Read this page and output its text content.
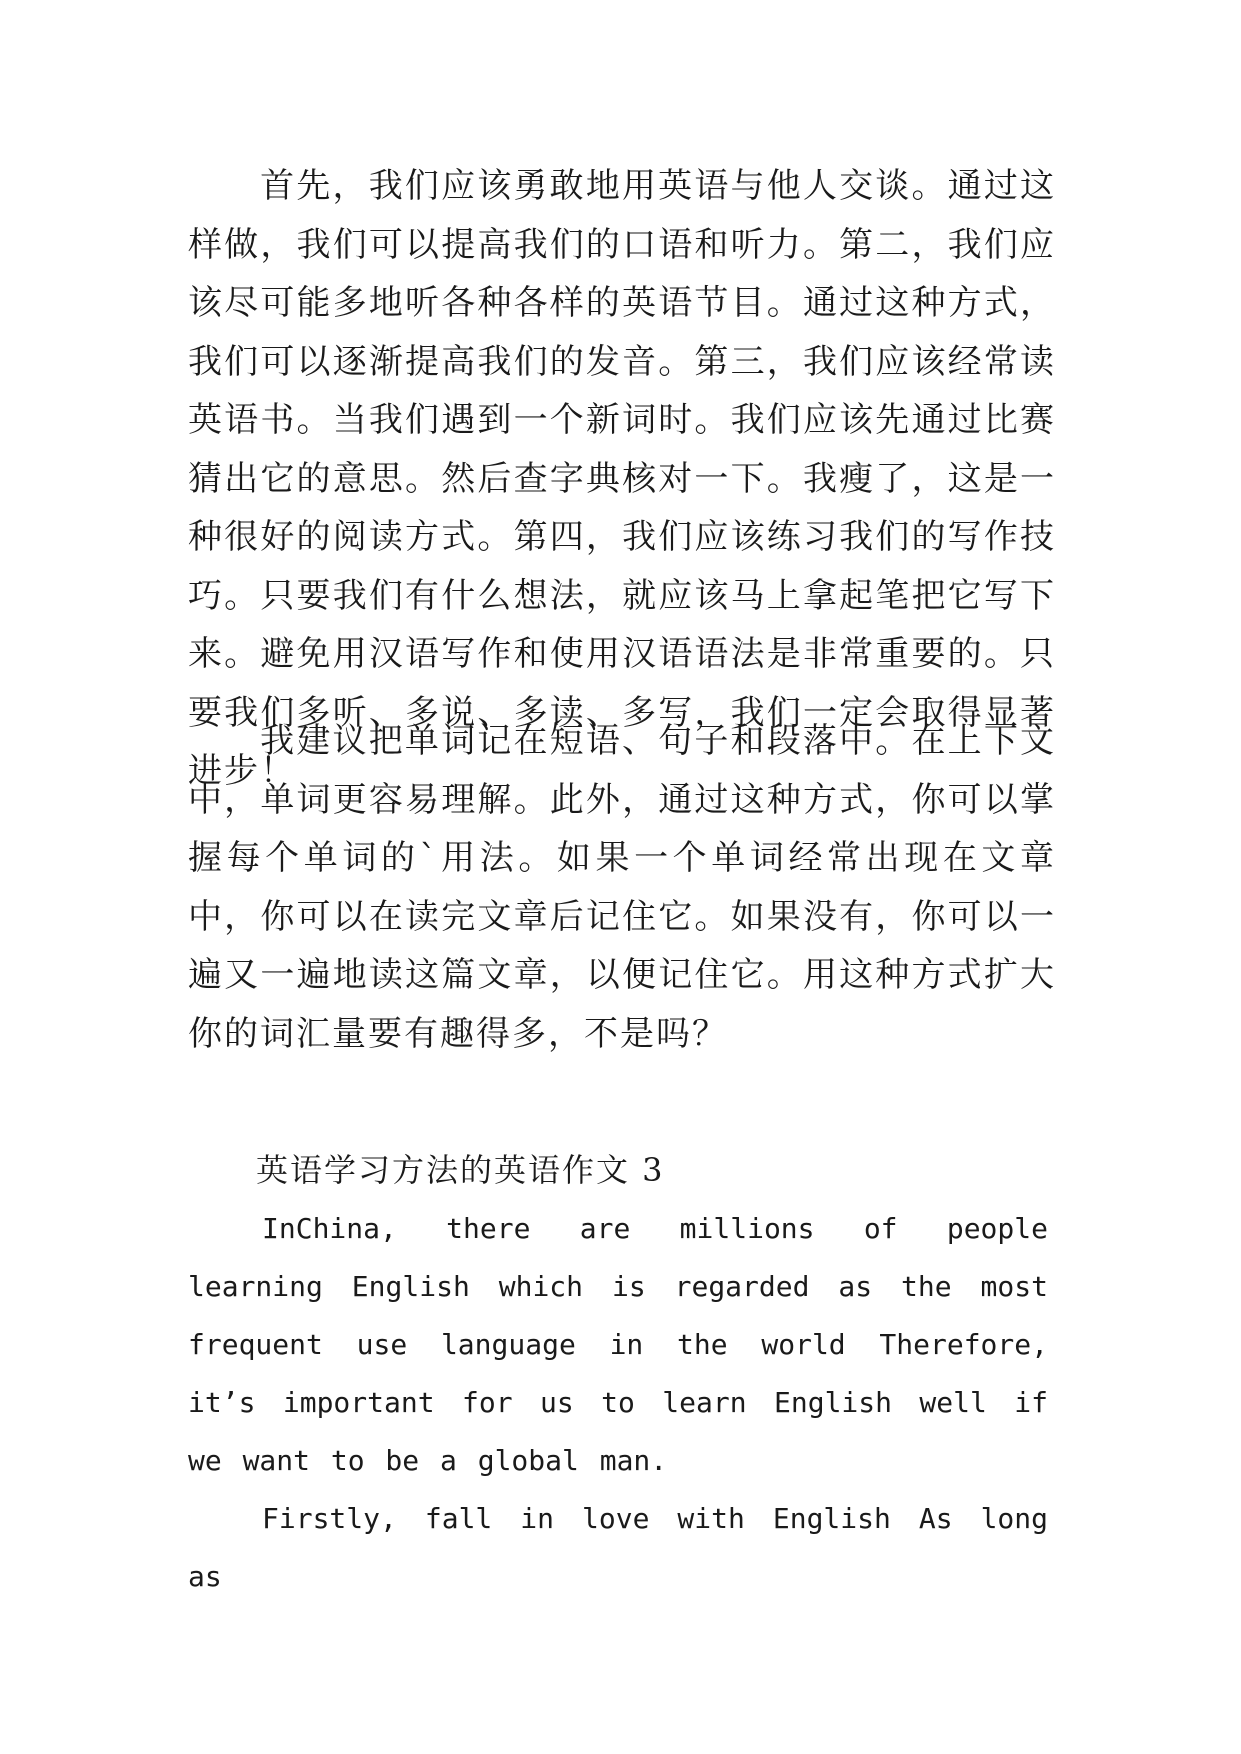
首先，我们应该勇敢地用英语与他人交谈。通过这样做，我们可以提高我们的口语和听力。第二，我们应该尽可能多地听各种各样的英语节目。通过这种方式，我们可以逐渐提高我们的发音。第三，我们应该经常读英语书。当我们遇到一个新词时。我们应该先通过比赛猜出它的意思。然后查字典核对一下。我瘦了，这是一种很好的阅读方式。第四，我们应该练习我们的写作技巧。只要我们有什么想法，就应该马上拿起笔把它写下来。避免用汉语写作和使用汉语语法是非常重要的。只要我们多听、多说、多读、多写，我们一定会取得显著进步！

我建议把单词记在短语、句子和段落中。在上下文中，单词更容易理解。此外，通过这种方式，你可以掌握每个单词的`用法。如果一个单词经常出现在文章中，你可以在读完文章后记住它。如果没有，你可以一遍又一遍地读这篇文章，以便记住它。用这种方式扩大你的词汇量要有趣得多，不是吗？

英语学习方法的英语作文 3

InChina, there are millions of people learning English which is regarded as the most frequent use language in the world Therefore, it’s important for us to learn English well if we want to be a global man.

Firstly, fall in love with English As long as
